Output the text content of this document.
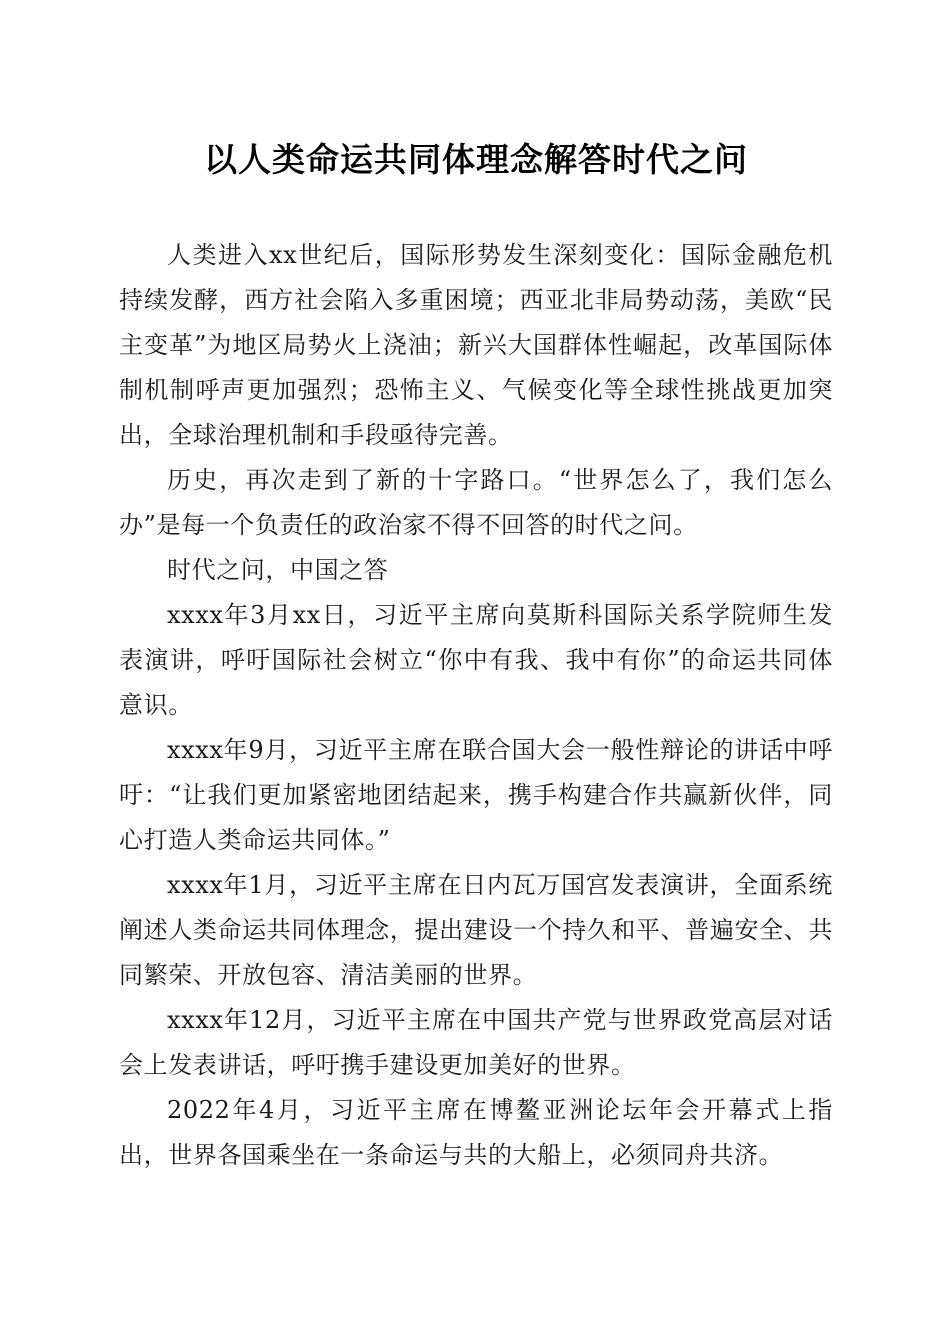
以人类命运共同体理念解答时代之问

人类进入xx世纪后，国际形势发生深刻变化：国际金融危机持续发酵，西方社会陷入多重困境；西亚北非局势动荡，美欧“民主变革”为地区局势火上浇油；新兴大国群体性崛起，改革国际体制机制呼声更加强烈；恐怖主义、气候变化等全球性挑战更加突出，全球治理机制和手段亟待完善。

历史，再次走到了新的十字路口。“世界怎么了，我们怎么办”是每一个负责任的政治家不得不回答的时代之问。

时代之问，中国之答

xxxx年3月xx日，习近平主席向莫斯科国际关系学院师生发表演讲，呼吁国际社会树立“你中有我、我中有你”的命运共同体意识。

xxxx年9月，习近平主席在联合国大会一般性辩论的讲话中呼吁：“让我们更加紧密地团结起来，携手构建合作共赢新伙伴，同心打造人类命运共同体。”

xxxx年1月，习近平主席在日内瓦万国宫发表演讲，全面系统阐述人类命运共同体理念，提出建设一个持久和平、普遍安全、共同繁荣、开放包容、清洁美丽的世界。

xxxx年12月，习近平主席在中国共产党与世界政党高层对话会上发表讲话，呼吁携手建设更加美好的世界。

2022年4月，习近平主席在博鳌亚洲论坛年会开幕式上指出，世界各国乘坐在一条命运与共的大船上，必须同舟共济。
